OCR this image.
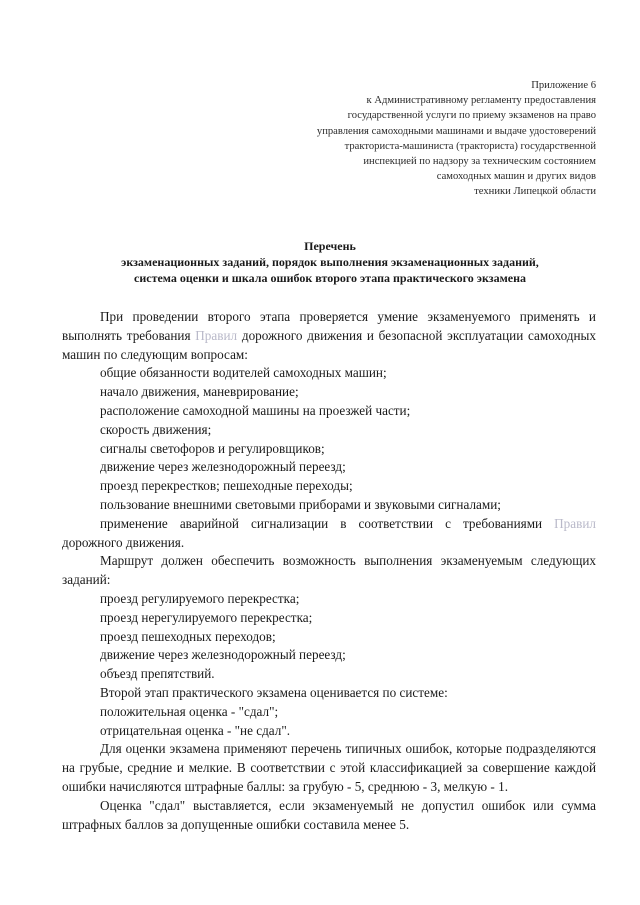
Приложение 6
к Административному регламенту предоставления
государственной услуги по приему экзаменов на право
управления самоходными машинами и выдаче удостоверений
тракториста-машиниста (тракториста) государственной
инспекцией по надзору за техническим состоянием
самоходных машин и других видов
техники Липецкой области
Перечень
экзаменационных заданий, порядок выполнения экзаменационных заданий,
система оценки и шкала ошибок второго этапа практического экзамена

При проведении второго этапа проверяется умение экзаменуемого применять и выполнять требования Правил дорожного движения и безопасной эксплуатации самоходных машин по следующим вопросам:

общие обязанности водителей самоходных машин;

начало движения, маневрирование;

расположение самоходной машины на проезжей части;

скорость движения;

сигналы светофоров и регулировщиков;

движение через железнодорожный переезд;

проезд перекрестков; пешеходные переходы;

пользование внешними световыми приборами и звуковыми сигналами;

применение аварийной сигнализации в соответствии с требованиями Правил дорожного движения.

Маршрут должен обеспечить возможность выполнения экзаменуемым следующих заданий:

проезд регулируемого перекрестка;

проезд нерегулируемого перекрестка;

проезд пешеходных переходов;

движение через железнодорожный переезд;

объезд препятствий.

Второй этап практического экзамена оценивается по системе:

положительная оценка - "сдал";

отрицательная оценка - "не сдал".

Для оценки экзамена применяют перечень типичных ошибок, которые подразделяются на грубые, средние и мелкие. В соответствии с этой классификацией за совершение каждой ошибки начисляются штрафные баллы: за грубую - 5, среднюю - 3, мелкую - 1.

Оценка "сдал" выставляется, если экзаменуемый не допустил ошибок или сумма штрафных баллов за допущенные ошибки составила менее 5.
